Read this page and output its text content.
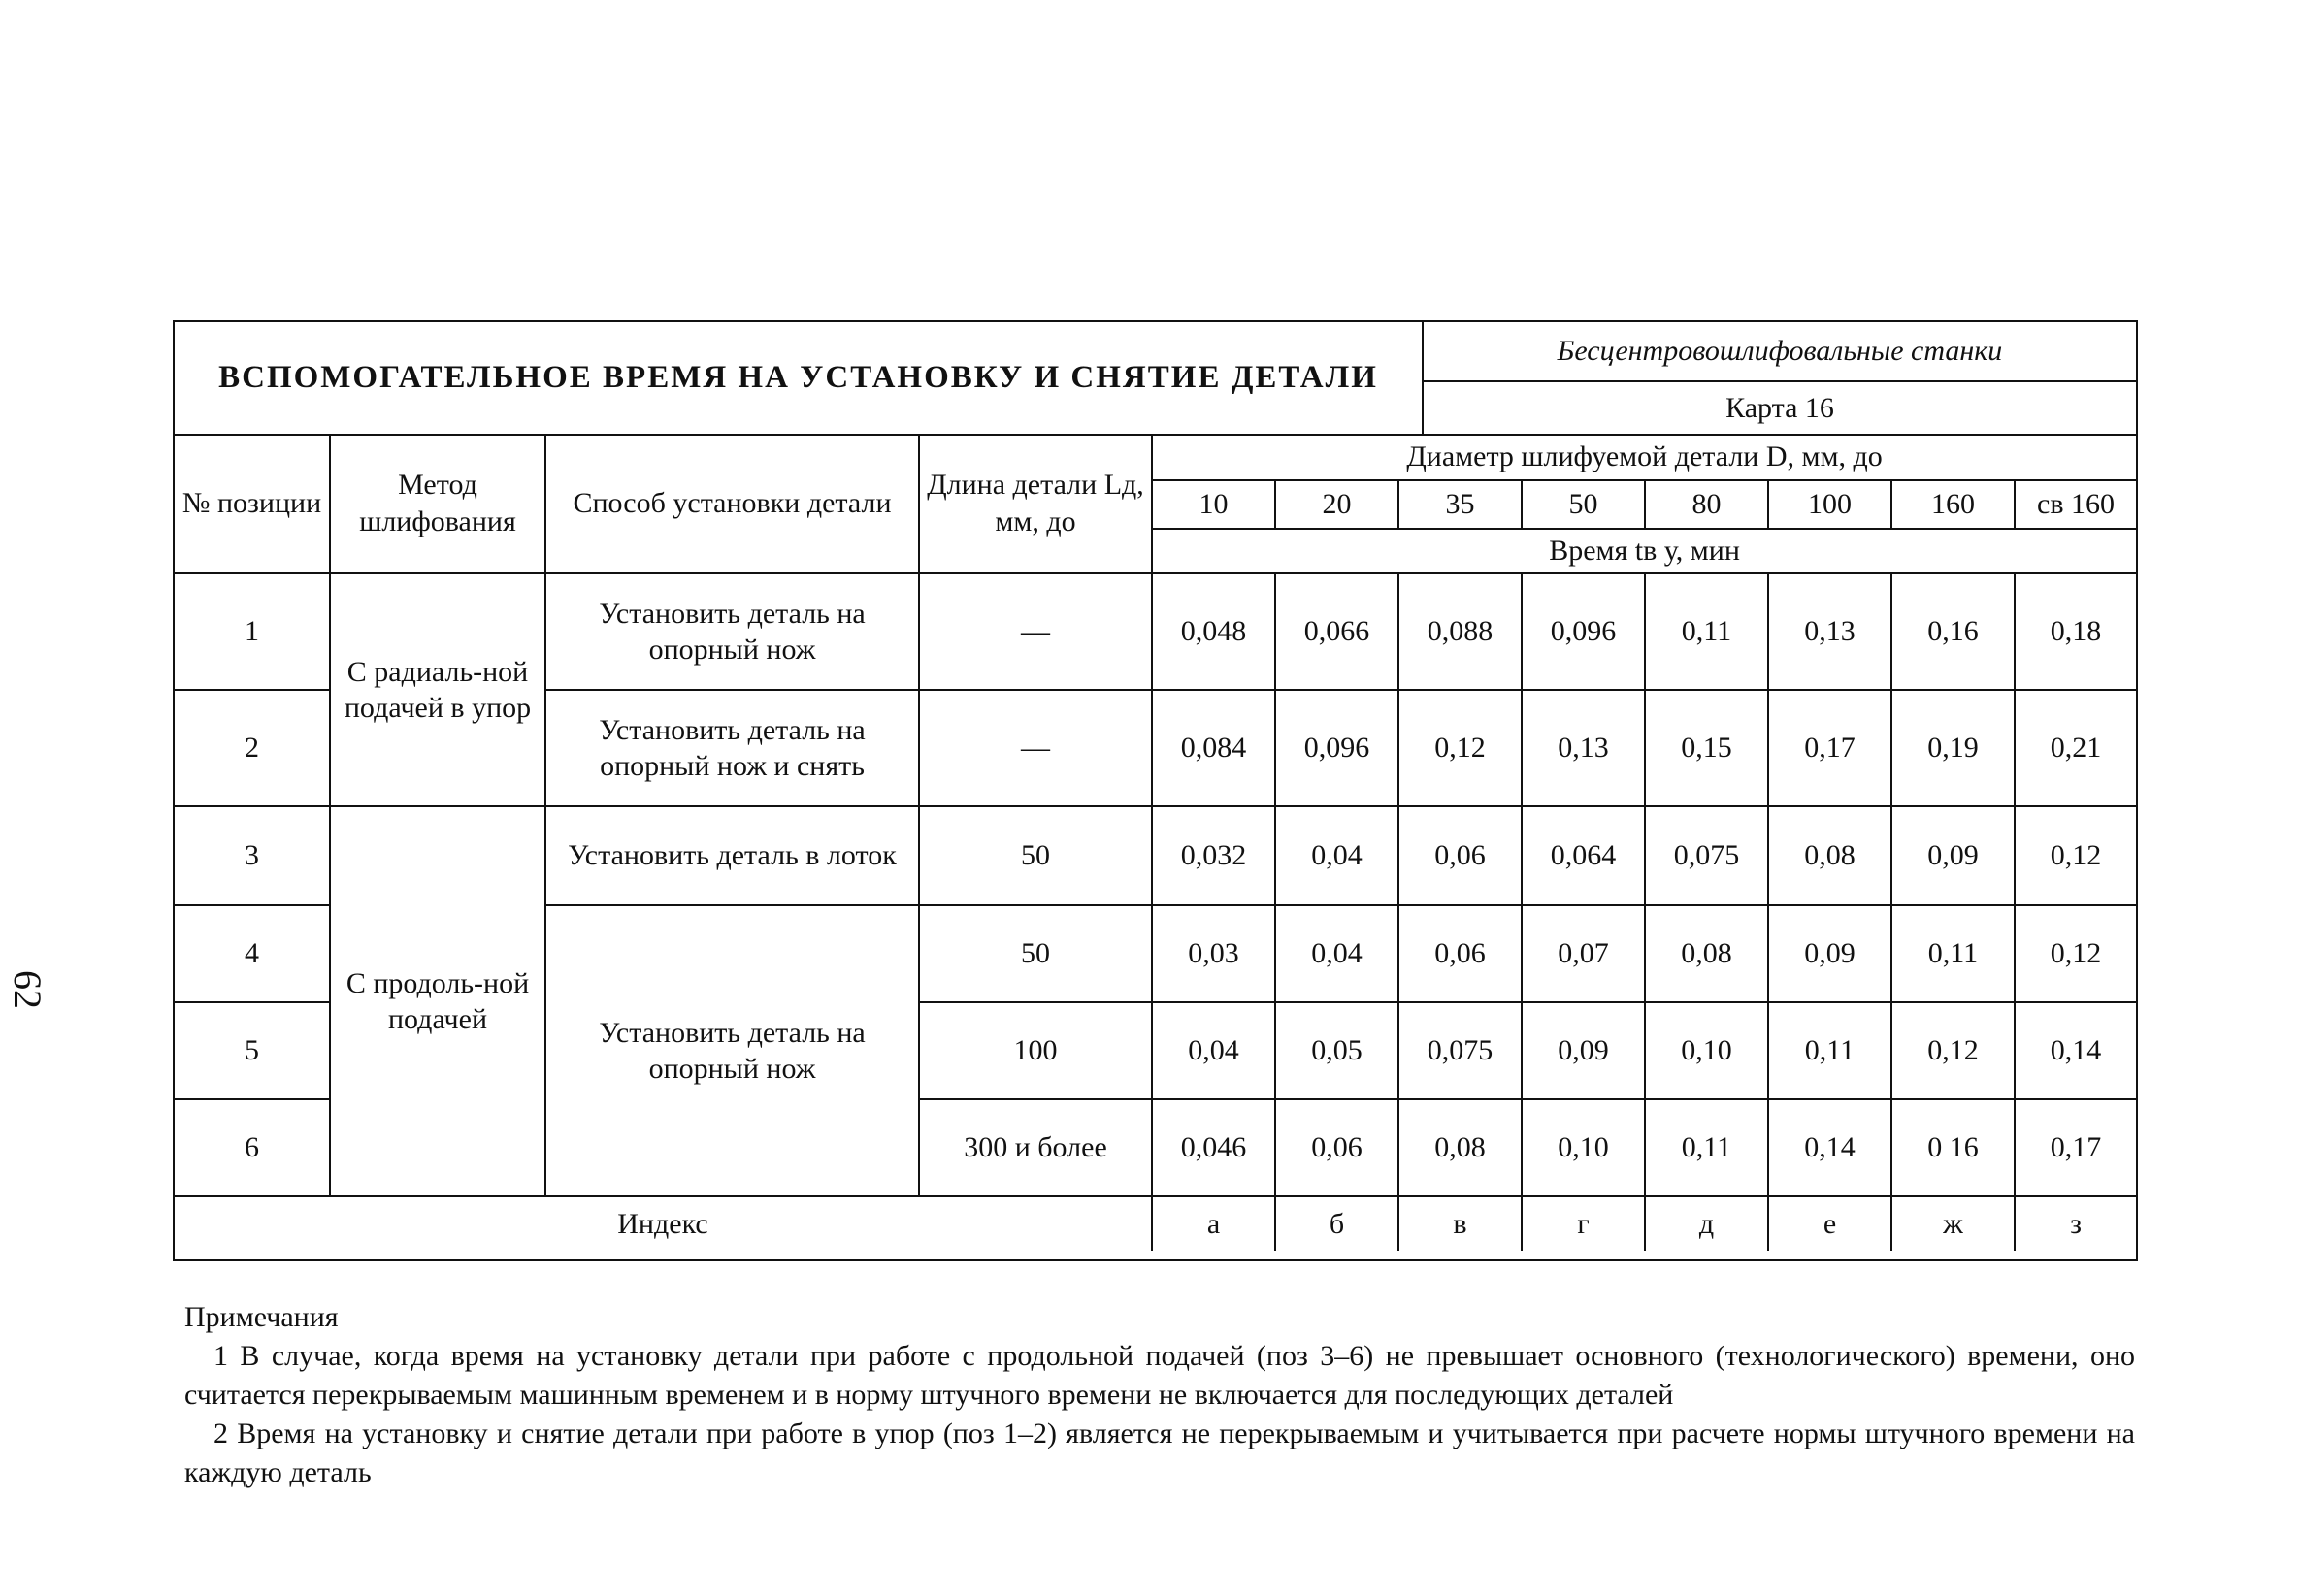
62
ВСПОМОГАТЕЛЬНОЕ ВРЕМЯ НА УСТАНОВКУ И СНЯТИЕ ДЕТАЛИ
Бесцентровошлифовальные станки
Карта 16
№ позиции	Метод шлифования	Способ установки детали	Длина детали Lд, мм, до	Диаметр шлифуемой детали D, мм, до							
				10	20	35	50	80	100	160	св 160
				Время tв у, мин							
1	С радиаль-ной подачей в упор	Установить деталь на опорный нож	—	0,048	0,066	0,088	0,096	0,11	0,13	0,16	0,18
2		Установить деталь на опорный нож и снять	—	0,084	0,096	0,12	0,13	0,15	0,17	0,19	0,21
3	С продоль-ной подачей	Установить деталь в лоток	50	0,032	0,04	0,06	0,064	0,075	0,08	0,09	0,12
4		Установить деталь на опорный нож	50	0,03	0,04	0,06	0,07	0,08	0,09	0,11	0,12
5			100	0,04	0,05	0,075	0,09	0,10	0,11	0,12	0,14
6			300 и более	0,046	0,06	0,08	0,10	0,11	0,14	0 16	0,17
Индекс				а	б	в	г	д	е	ж	з

Примечания

1 В случае, когда время на установку детали при работе с продольной подачей (поз 3–6) не превышает основного (технологического) времени, оно считается перекрываемым машинным временем и в норму штучного времени не включается для последующих деталей

2 Время на установку и снятие детали при работе в упор (поз 1–2) является не перекрываемым и учитывается при расчете нормы штучного времени на каждую деталь
